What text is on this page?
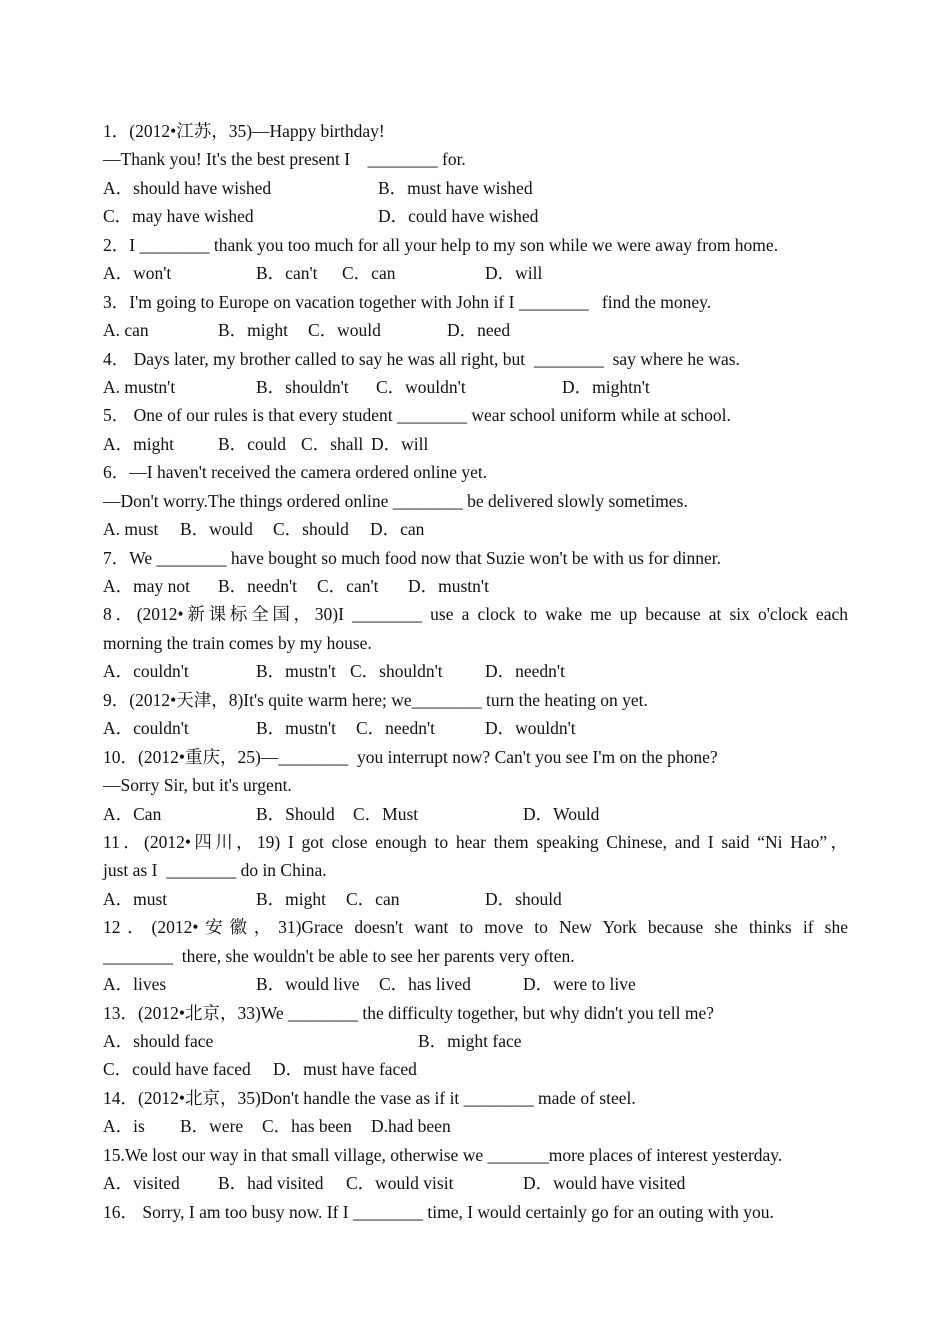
1．(2012•江苏，35)—Happy birthday!
—Thank you! It's the best present I    ________ for.

A．should have wished

	B．must have wished

C．may have wished

	D．could have wished

2．I ________ thank you too much for all your help to my son while we were away from home.

A．won't

	B．can't

C．can

	D．will

3．I'm going to Europe on vacation together with John if I ________   find the money.

A. can

	B．might

C．would

	D．need

4． Days later, my brother called to say he was all right, but  ________  say where he was.

A. mustn't

	B．shouldn't

C．wouldn't

	D．mightn't

5． One of our rules is that every student ________ wear school uniform while at school.

A．might

	B．could

C．shall

D．will

6．—I haven't received the camera ordered online yet.
—Don't worry.The things ordered online ________ be delivered slowly sometimes.

A. must

B．would

C．should

D．can

7．We ________ have bought so much food now that Suzie won't be with us for dinner.

A．may not

B．needn't

C．can't

D．mustn't

8．(2012•新课标全国，30)I ________ use a clock to wake me up because at six o'clock each
morning the train comes by my house.

A．couldn't

	B．mustn't

C．shouldn't

D．needn't

9．(2012•天津，8)It's quite warm here; we________ turn the heating on yet.

A．couldn't

	B．mustn't

C．needn't

	D．wouldn't

10．(2012•重庆，25)—________  you interrupt now? Can't you see I'm on the phone?
—Sorry Sir, but it's urgent.

A．Can

	B．Should

C．Must

	D．Would

11．(2012•四川，19) I got close enough to hear them speaking Chinese, and I said “Ni Hao”，
just as I  ________ do in China.

A．must

	B．might

C．can

	D．should

12．(2012•安徽，31)Grace doesn't want to move to New York because she thinks if she
________  there, she wouldn't be able to see her parents very often.

A．lives

	B．would live

C．has lived

	D．were to live

13．(2012•北京，33)We ________ the difficulty together, but why didn't you tell me?

A．should face

	B．might face

C．could have faced

D．must have faced

14．(2012•北京，35)Don't handle the vase as if it ________ made of steel.

A．is

B．were

C．has been

D.had been

15.We lost our way in that small village, otherwise we _______more places of interest yesterday.

A．visited

B．had visited

C．would visit

	D．would have visited

16． Sorry, I am too busy now. If I ________ time, I would certainly go for an outing with you.
